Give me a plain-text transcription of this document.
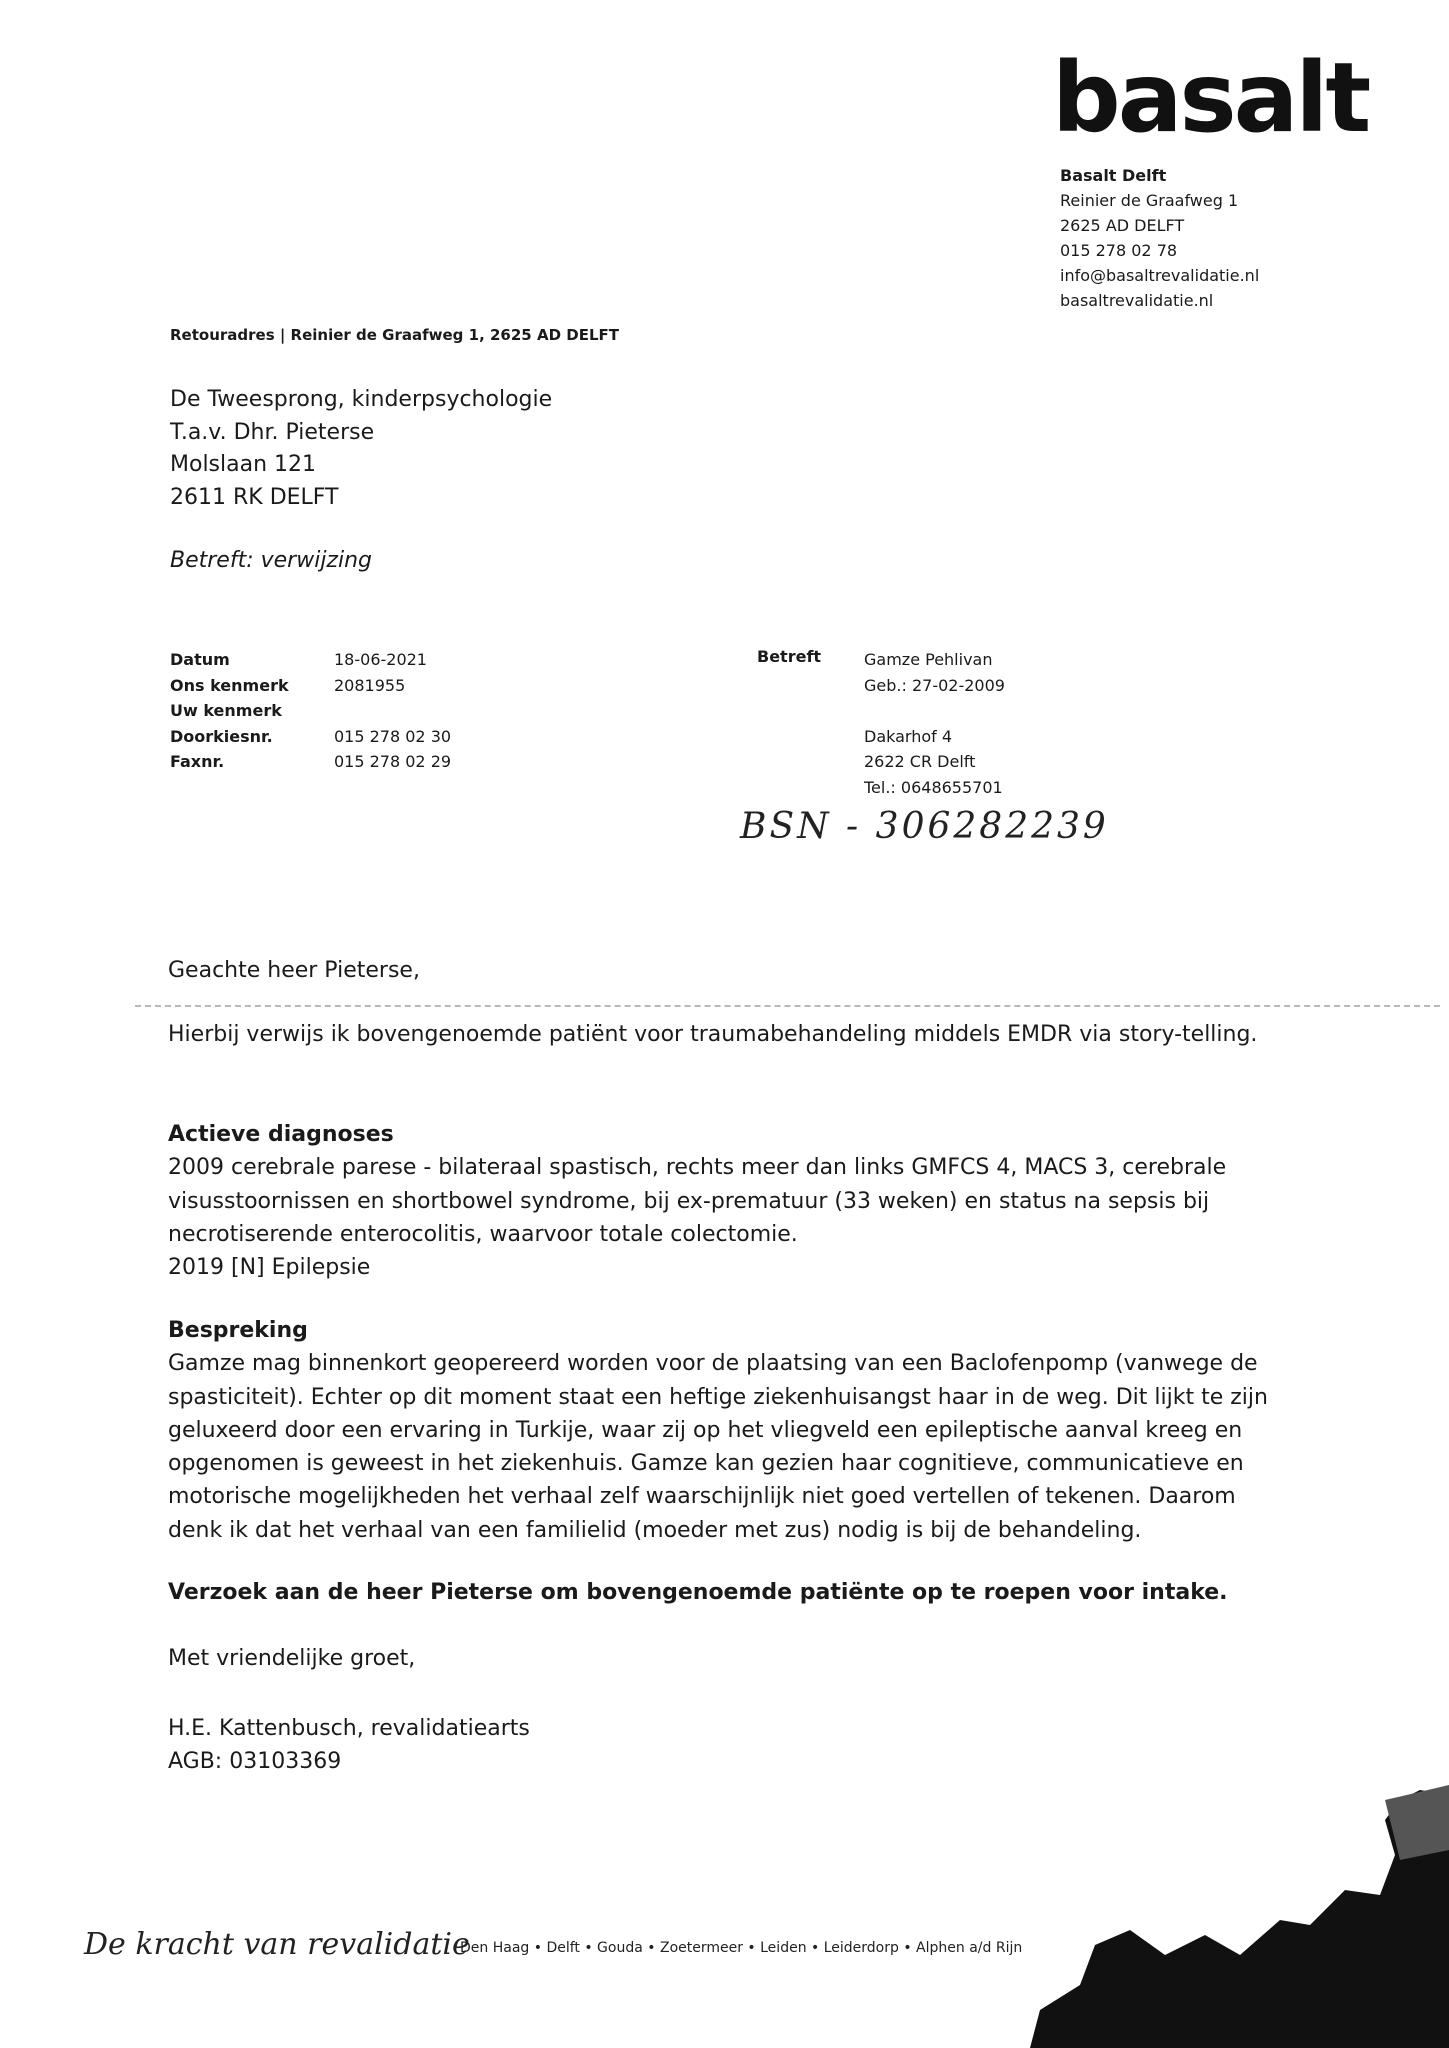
basalt
Basalt Delft
Reinier de Graafweg 1
2625 AD DELFT
015 278 02 78
info@basaltrevalidatie.nl
basaltrevalidatie.nl
Retouradres | Reinier de Graafweg 1, 2625 AD DELFT
De Tweesprong, kinderpsychologie
T.a.v. Dhr. Pieterse
Molslaan 121
2611 RK DELFT
Betreft: verwijzing
Datum	18-06-2021
Ons kenmerk	2081955
Uw kenmerk
Doorkiesnr.	015 278 02 30
Faxnr.	015 278 02 29
Betreft	Gamze Pehlivan
Geb.: 27-02-2009
Dakarhof 4
2622 CR Delft
Tel.: 0648655701
BSN - 306282239
Geachte heer Pieterse,
Hierbij verwijs ik bovengenoemde patiënt voor traumabehandeling middels EMDR via story-telling.
Actieve diagnoses

2009 cerebrale parese - bilateraal spastisch, rechts meer dan links GMFCS 4, MACS 3, cerebrale

visusstoornissen en shortbowel syndrome, bij ex-prematuur (33 weken) en status na sepsis bij

necrotiserende enterocolitis, waarvoor totale colectomie.

2019 [N] Epilepsie

Bespreking

Gamze mag binnenkort geopereerd worden voor de plaatsing van een Baclofenpomp (vanwege de

spasticiteit). Echter op dit moment staat een heftige ziekenhuisangst haar in de weg. Dit lijkt te zijn

geluxeerd door een ervaring in Turkije, waar zij op het vliegveld een epileptische aanval kreeg en

opgenomen is geweest in het ziekenhuis. Gamze kan gezien haar cognitieve, communicatieve en

motorische mogelijkheden het verhaal zelf waarschijnlijk niet goed vertellen of tekenen. Daarom

denk ik dat het verhaal van een familielid (moeder met zus) nodig is bij de behandeling.

Verzoek aan de heer Pieterse om bovengenoemde patiënte op te roepen voor intake.
Met vriendelijke groet,
H.E. Kattenbusch, revalidatiearts
AGB: 03103369
De kracht van revalidatie
Den Haag • Delft • Gouda • Zoetermeer • Leiden • Leiderdorp • Alphen a/d Rijn
